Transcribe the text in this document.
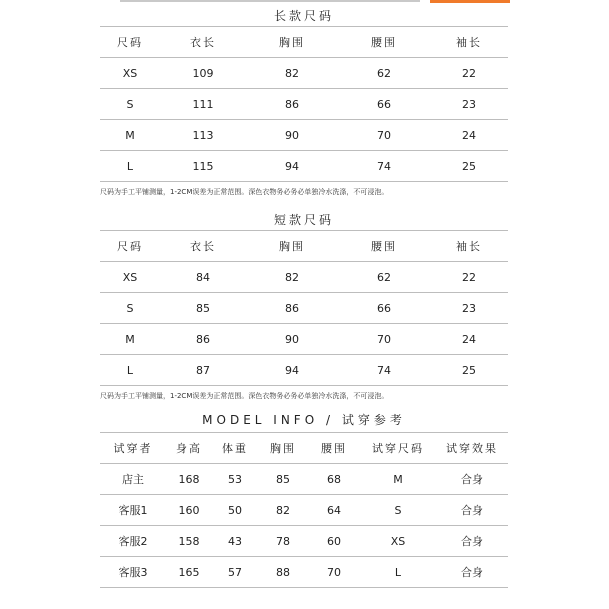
长款尺码
尺码	衣长	胸围	腰围	袖长
XS	109	82	62	22
S	111	86	66	23
M	113	90	70	24
L	115	94	74	25
尺码为手工平铺测量，1-2CM误差为正常范围。深色衣物务必务必单独冷水洗涤，不可浸泡。
短款尺码
尺码	衣长	胸围	腰围	袖长
XS	84	82	62	22
S	85	86	66	23
M	86	90	70	24
L	87	94	74	25
尺码为手工平铺测量，1-2CM误差为正常范围。深色衣物务必务必单独冷水洗涤，不可浸泡。
MODEL INFO / 试穿参考
试穿者	身高	体重	胸围	腰围	试穿尺码	试穿效果
店主	168	53	85	68	M	合身
客服1	160	50	82	64	S	合身
客服2	158	43	78	60	XS	合身
客服3	165	57	88	70	L	合身
